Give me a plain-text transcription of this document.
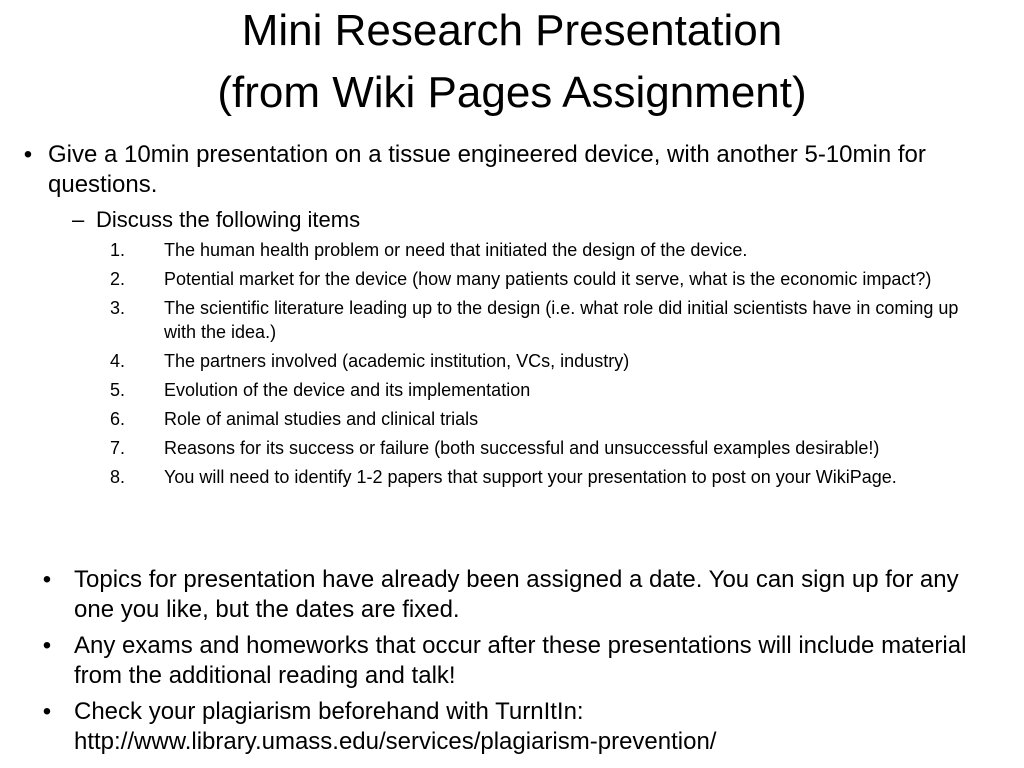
Mini Research Presentation
(from Wiki Pages Assignment)
• Give a 10min presentation on a tissue engineered device, with another 5-10min for questions.
– Discuss the following items
1.	The human health problem or need that initiated the design of the device.
2.	Potential market for the device (how many patients could it serve, what is the economic impact?)
3.	The scientific literature leading up to the design (i.e. what role did initial scientists have in coming up with the idea.)
4.	The partners involved (academic institution, VCs, industry)
5.	Evolution of the device and its implementation
6.	Role of animal studies and clinical trials
7.	Reasons for its success or failure (both successful and unsuccessful examples desirable!)
8.	You will need to identify 1-2 papers that support your presentation to post on your WikiPage.
• Topics for presentation have already been assigned a date. You can sign up for any one you like, but the dates are fixed.
• Any exams and homeworks that occur after these presentations will include material from the additional reading and talk!
• Check your plagiarism beforehand with TurnItIn: http://www.library.umass.edu/services/plagiarism-prevention/
